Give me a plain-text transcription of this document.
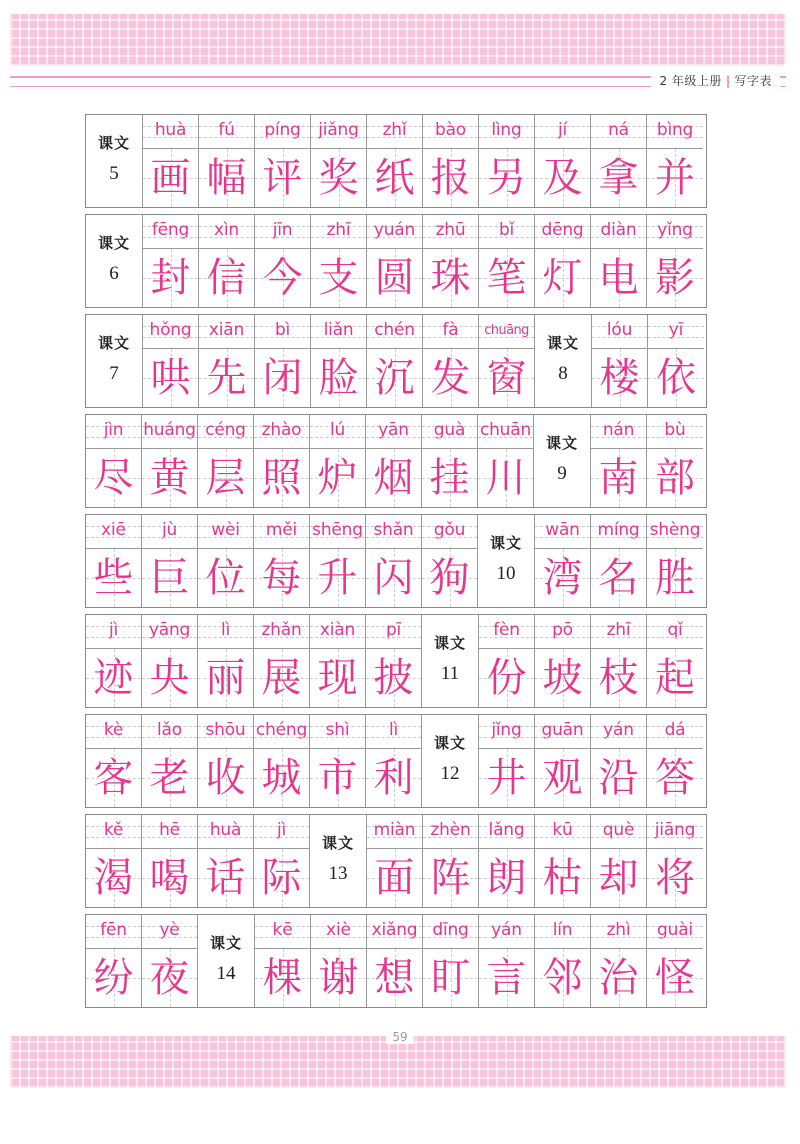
2 年级上册 | 写字表
课文
5
huà
画
fú
幅
píng
评
jiǎng
奖
zhǐ
纸
bào
报
lìng
另
jí
及
ná
拿
bìng
并
课文
6
fēng
封
xìn
信
jīn
今
zhī
支
yuán
圆
zhū
珠
bǐ
笔
dēng
灯
diàn
电
yǐng
影
课文
7
hǒng
哄
xiān
先
bì
闭
liǎn
脸
chén
沉
fà
发
chuāng
窗
课文
8
lóu
楼
yī
依
jìn
尽
huáng
黄
céng
层
zhào
照
lú
炉
yān
烟
guà
挂
chuān
川
课文
9
nán
南
bù
部
xiē
些
jù
巨
wèi
位
měi
每
shēng
升
shǎn
闪
gǒu
狗
课文
10
wān
湾
míng
名
shèng
胜
jì
迹
yāng
央
lì
丽
zhǎn
展
xiàn
现
pī
披
课文
11
fèn
份
pō
坡
zhī
枝
qǐ
起
kè
客
lǎo
老
shōu
收
chéng
城
shì
市
lì
利
课文
12
jǐng
井
guān
观
yán
沿
dá
答
kě
渴
hē
喝
huà
话
jì
际
课文
13
miàn
面
zhèn
阵
lǎng
朗
kū
枯
què
却
jiāng
将
fēn
纷
yè
夜
课文
14
kē
棵
xiè
谢
xiǎng
想
dīng
盯
yán
言
lín
邻
zhì
治
guài
怪
59
